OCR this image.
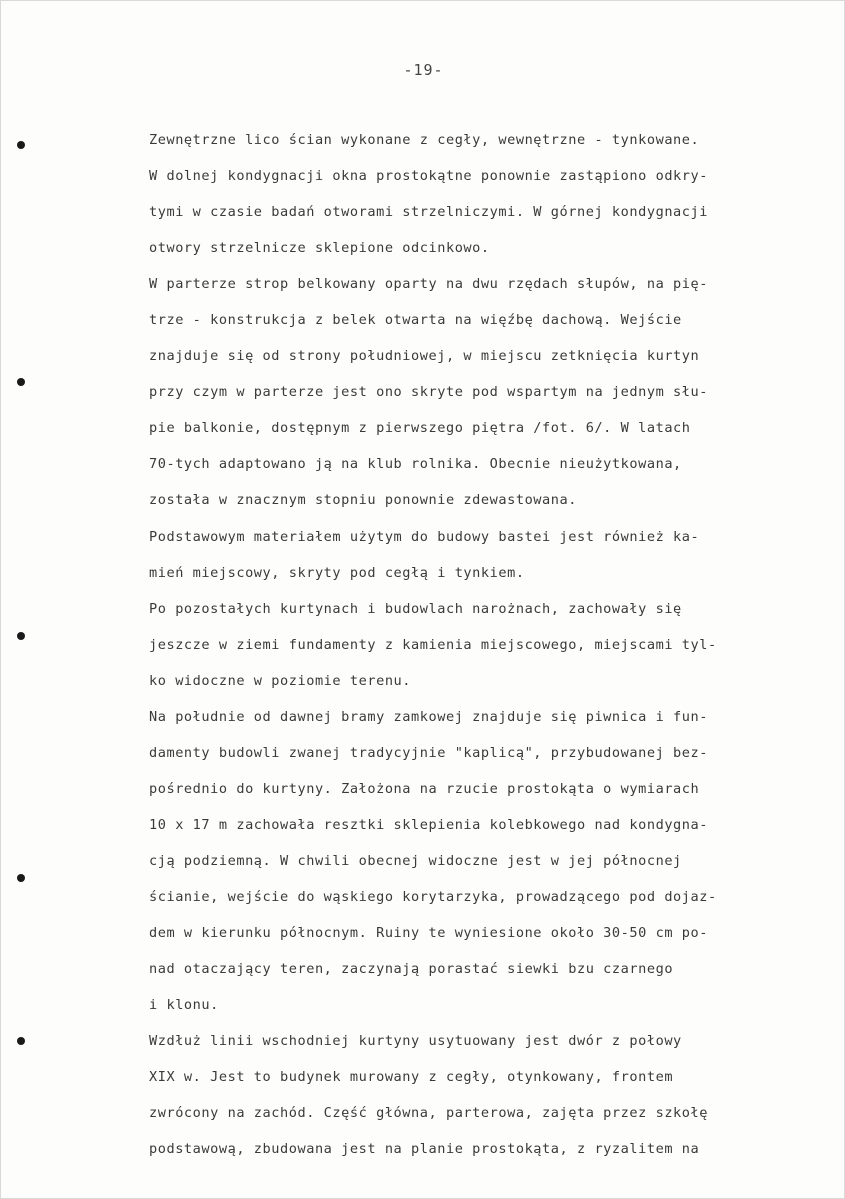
-19-
Zewnętrzne lico ścian wykonane z cegły, wewnętrzne - tynkowane.
W dolnej kondygnacji okna prostokątne ponownie zastąpiono odkry-
tymi w czasie badań otworami strzelniczymi. W górnej kondygnacji
otwory strzelnicze sklepione odcinkowo.
W parterze strop belkowany oparty na dwu rzędach słupów, na pię-
trze - konstrukcja z belek otwarta na więźbę dachową. Wejście
znajduje się od strony południowej, w miejscu zetknięcia kurtyn
przy czym w parterze jest ono skryte pod wspartym na jednym słu-
pie balkonie, dostępnym z pierwszego piętra /fot. 6/. W latach
70-tych adaptowano ją na klub rolnika. Obecnie nieużytkowana,
została w znacznym stopniu ponownie zdewastowana.
Podstawowym materiałem użytym do budowy bastei jest również ka-
mień miejscowy, skryty pod cegłą i tynkiem.
Po pozostałych kurtynach i budowlach narożnach, zachowały się
jeszcze w ziemi fundamenty z kamienia miejscowego, miejscami tyl-
ko widoczne w poziomie terenu.
Na południe od dawnej bramy zamkowej znajduje się piwnica i fun-
damenty budowli zwanej tradycyjnie "kaplicą", przybudowanej bez-
pośrednio do kurtyny. Założona na rzucie prostokąta o wymiarach
10 x 17 m zachowała resztki sklepienia kolebkowego nad kondygna-
cją podziemną. W chwili obecnej widoczne jest w jej północnej
ścianie, wejście do wąskiego korytarzyka, prowadzącego pod dojaz-
dem w kierunku północnym. Ruiny te wyniesione około 30-50 cm po-
nad otaczający teren, zaczynają porastać siewki bzu czarnego
i klonu.
Wzdłuż linii wschodniej kurtyny usytuowany jest dwór z połowy
XIX w. Jest to budynek murowany z cegły, otynkowany, frontem
zwrócony na zachód. Część główna, parterowa, zajęta przez szkołę
podstawową, zbudowana jest na planie prostokąta, z ryzalitem na
